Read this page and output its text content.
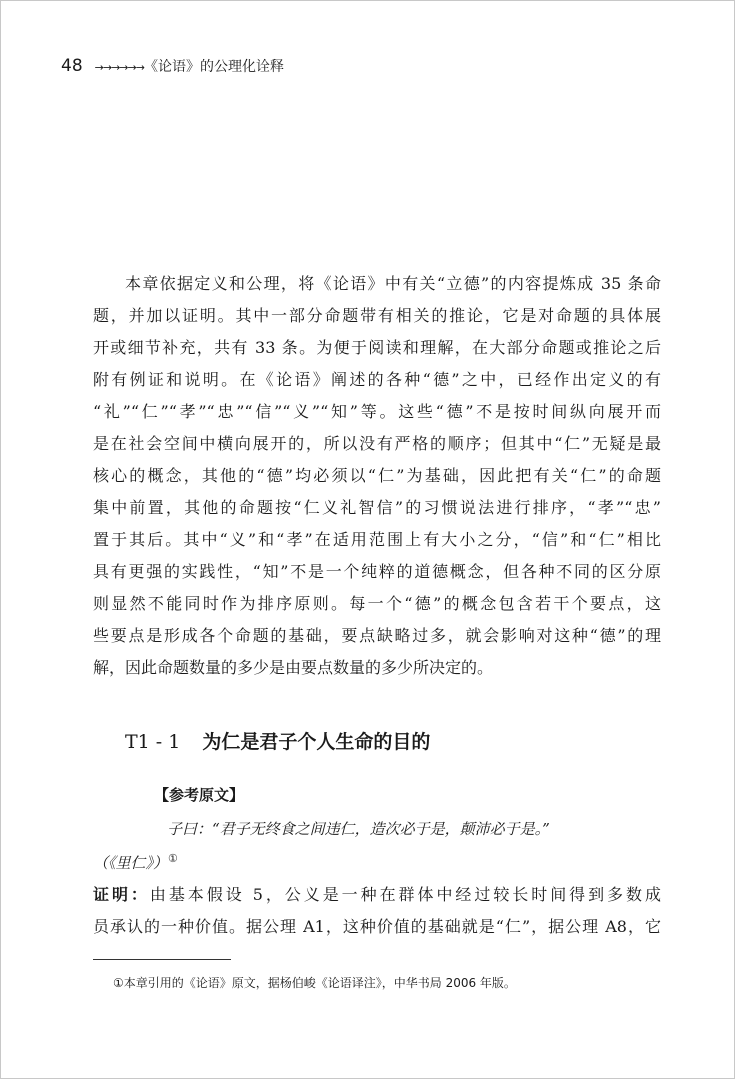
48 →→→→→→ 《论语》的公理化诠释

本章依据定义和公理，将《论语》中有关“立德”的内容提炼成 35 条命
题，并加以证明。其中一部分命题带有相关的推论，它是对命题的具体展
开或细节补充，共有 33 条。为便于阅读和理解，在大部分命题或推论之后
附有例证和说明。在《论语》阐述的各种“德”之中，已经作出定义的有
“礼”“仁”“孝”“忠”“信”“义”“知”等。这些“德”不是按时间纵向展开而
是在社会空间中横向展开的，所以没有严格的顺序；但其中“仁”无疑是最
核心的概念，其他的“德”均必须以“仁”为基础，因此把有关“仁”的命题
集中前置，其他的命题按“仁义礼智信”的习惯说法进行排序，“孝”“忠”
置于其后。其中“义”和“孝”在适用范围上有大小之分，“信”和“仁”相比
具有更强的实践性，“知”不是一个纯粹的道德概念，但各种不同的区分原
则显然不能同时作为排序原则。每一个“德”的概念包含若干个要点，这
些要点是形成各个命题的基础，要点缺略过多，就会影响对这种“德”的理
解，因此命题数量的多少是由要点数量的多少所决定的。

T1 - 1 为仁是君子个人生命的目的

【参考原文】

子曰：“君子无终食之间违仁，造次必于是，颠沛必于是。”

（《里仁》）①

证明：由基本假设 5，公义是一种在群体中经过较长时间得到多数成
员承认的一种价值。据公理 A1，这种价值的基础就是“仁”，据公理 A8，它

①本章引用的《论语》原文，据杨伯峻《论语译注》，中华书局 2006 年版。
